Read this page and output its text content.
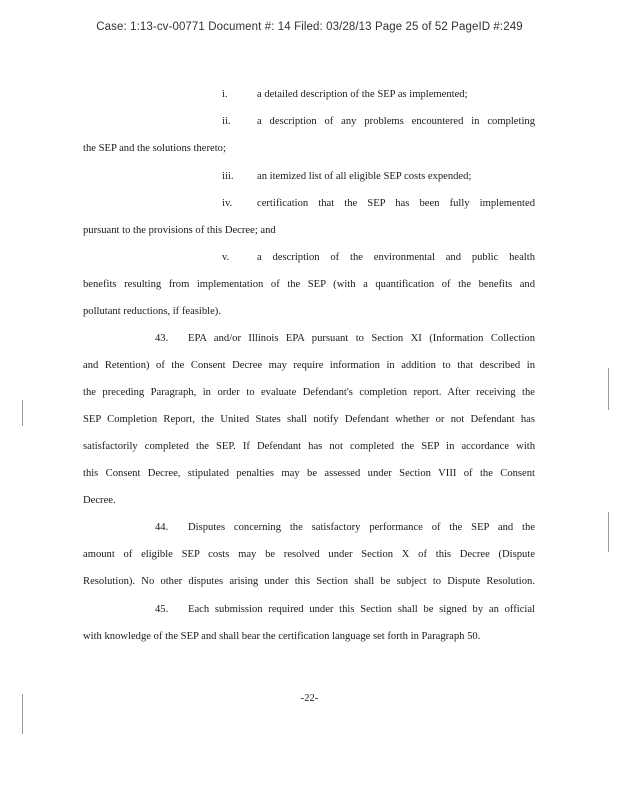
Case: 1:13-cv-00771 Document #: 14 Filed: 03/28/13 Page 25 of 52 PageID #:249
i.	a detailed description of the SEP as implemented;
ii. a description of any problems encountered in completing
the SEP and the solutions thereto;
iii. an itemized list of all eligible SEP costs expended;
iv. certification that the SEP has been fully implemented
pursuant to the provisions of this Decree; and
v.	a description of the environmental and public health
benefits resulting from implementation of the SEP (with a quantification of the benefits and
pollutant reductions, if feasible).
43. EPA and/or Illinois EPA pursuant to Section XI (Information Collection
and Retention) of the Consent Decree may require information in addition to that described in
the preceding Paragraph, in order to evaluate Defendant's completion report. After receiving the
SEP Completion Report, the United States shall notify Defendant whether or not Defendant has
satisfactorily completed the SEP. If Defendant has not completed the SEP in accordance with
this Consent Decree, stipulated penalties may be assessed under Section VIII of the Consent
Decree.
44. Disputes concerning the satisfactory performance of the SEP and the
amount of eligible SEP costs may be resolved under Section X of this Decree (Dispute
Resolution). No other disputes arising under this Section shall be subject to Dispute Resolution.
45. Each submission required under this Section shall be signed by an official
with knowledge of the SEP and shall bear the certification language set forth in Paragraph 50.
-22-
